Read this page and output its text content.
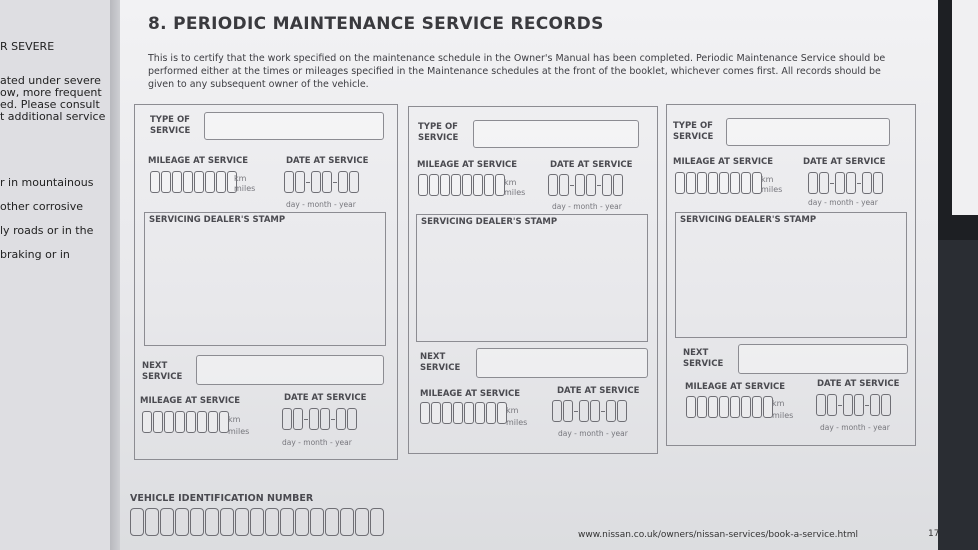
R SEVERE
ated under severe
ow, more frequent
ed. Please consult
t additional service
r in mountainous
other corrosive
ly roads or in the
braking or in
8. PERIODIC MAINTENANCE SERVICE RECORDS
This is to certify that the work specified on the maintenance schedule in the Owner's Manual has been completed. Periodic Maintenance Service should be performed either at the times or mileages specified in the Maintenance schedules at the front of the booklet, whichever comes first. All records should be given to any subsequent owner of the vehicle.
TYPE OF SERVICE
MILEAGE AT SERVICE	DATE AT SERVICE
km
miles
day - month - year
SERVICING DEALER'S STAMP
TYPE OF SERVICE
MILEAGE AT SERVICE	DATE AT SERVICE
km
miles
day - month - year
SERVICING DEALER'S STAMP
TYPE OF SERVICE
MILEAGE AT SERVICE	DATE AT SERVICE
km
miles
day - month - year
SERVICING DEALER'S STAMP
NEXT SERVICE
MILEAGE AT SERVICE	DATE AT SERVICE
km
miles
day - month - year
NEXT SERVICE
MILEAGE AT SERVICE	DATE AT SERVICE
km
miles
day - month - year
NEXT SERVICE
MILEAGE AT SERVICE	DATE AT SERVICE
km
miles
day - month - year
VEHICLE IDENTIFICATION NUMBER
www.nissan.co.uk/owners/nissan-services/book-a-service.html	17
